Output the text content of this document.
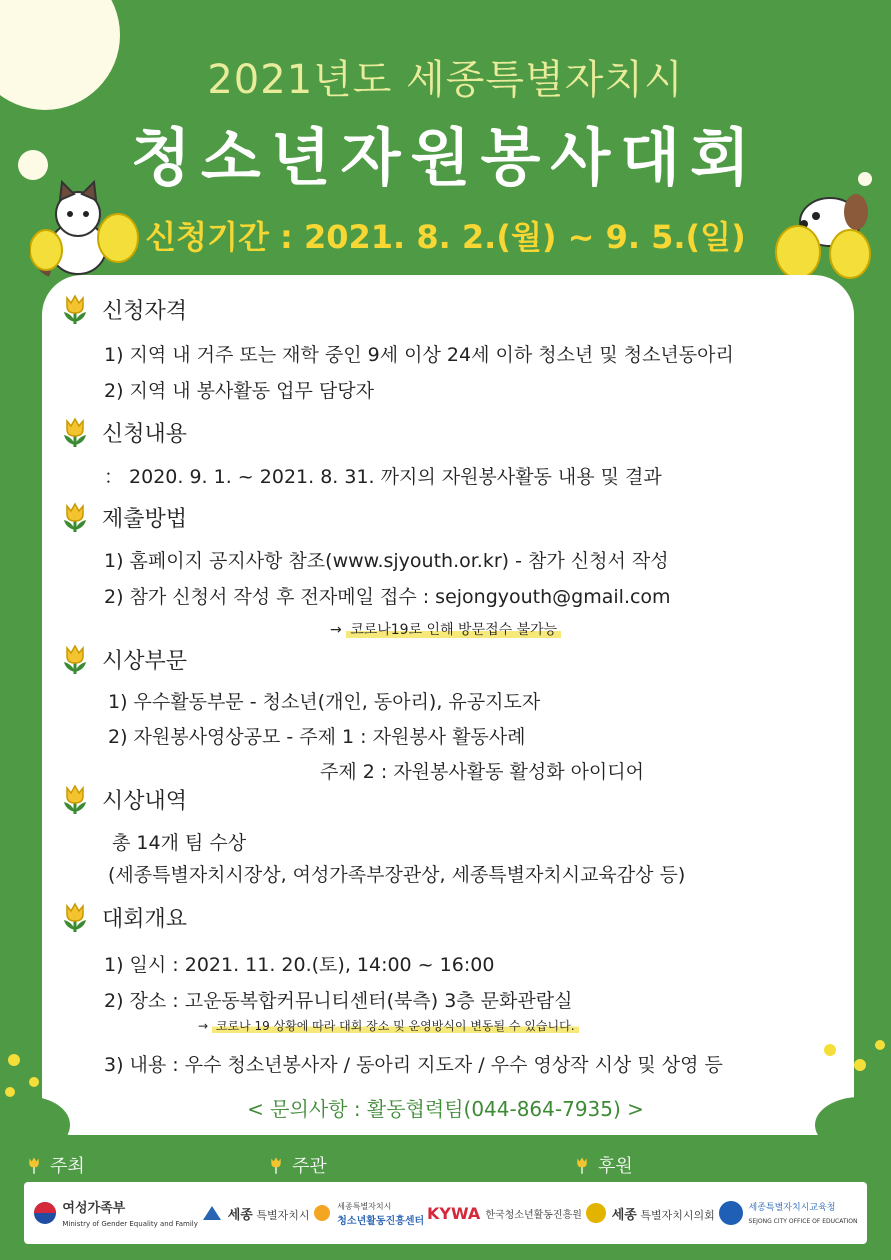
2021년도 세종특별자치시
청소년자원봉사대회
신청기간 : 2021. 8. 2.(월) ~ 9. 5.(일)
신청자격
1) 지역 내 거주 또는 재학 중인 9세 이상 24세 이하 청소년 및 청소년동아리
2) 지역 내 봉사활동 업무 담당자
신청내용
： 2020. 9. 1. ~ 2021. 8. 31. 까지의 자원봉사활동 내용 및 결과
제출방법
1) 홈페이지 공지사항 참조(www.sjyouth.or.kr) - 참가 신청서 작성
2) 참가 신청서 작성 후 전자메일 접수 : sejongyouth@gmail.com
→ 코로나19로 인해 방문접수 불가능
시상부문
1) 우수활동부문 - 청소년(개인, 동아리), 유공지도자
2) 자원봉사영상공모 - 주제 1 : 자원봉사 활동사례
주제 2 : 자원봉사활동 활성화 아이디어
시상내역
총 14개 팀 수상
(세종특별자치시장상, 여성가족부장관상, 세종특별자치시교육감상 등)
대회개요
1) 일시 : 2021. 11. 20.(토), 14:00 ~ 16:00
2) 장소 : 고운동복합커뮤니티센터(북측) 3층 문화관람실
→ 코로나 19 상황에 따라 대회 장소 및 운영방식이 변동될 수 있습니다.
3) 내용 : 우수 청소년봉사자 / 동아리 지도자 / 우수 영상작 시상 및 상영 등
< 문의사항 : 활동협력팀(044-864-7935) >
주최	주관	후원
여성가족부
Ministry of Gender Equality and Family
세종 특별자치시
세종특별자치시
청소년활동진흥센터 KYWA 한국청소년활동진흥원 세종 특별자치시의회
세종특별자치시교육청
SEJONG CITY OFFICE OF EDUCATION
